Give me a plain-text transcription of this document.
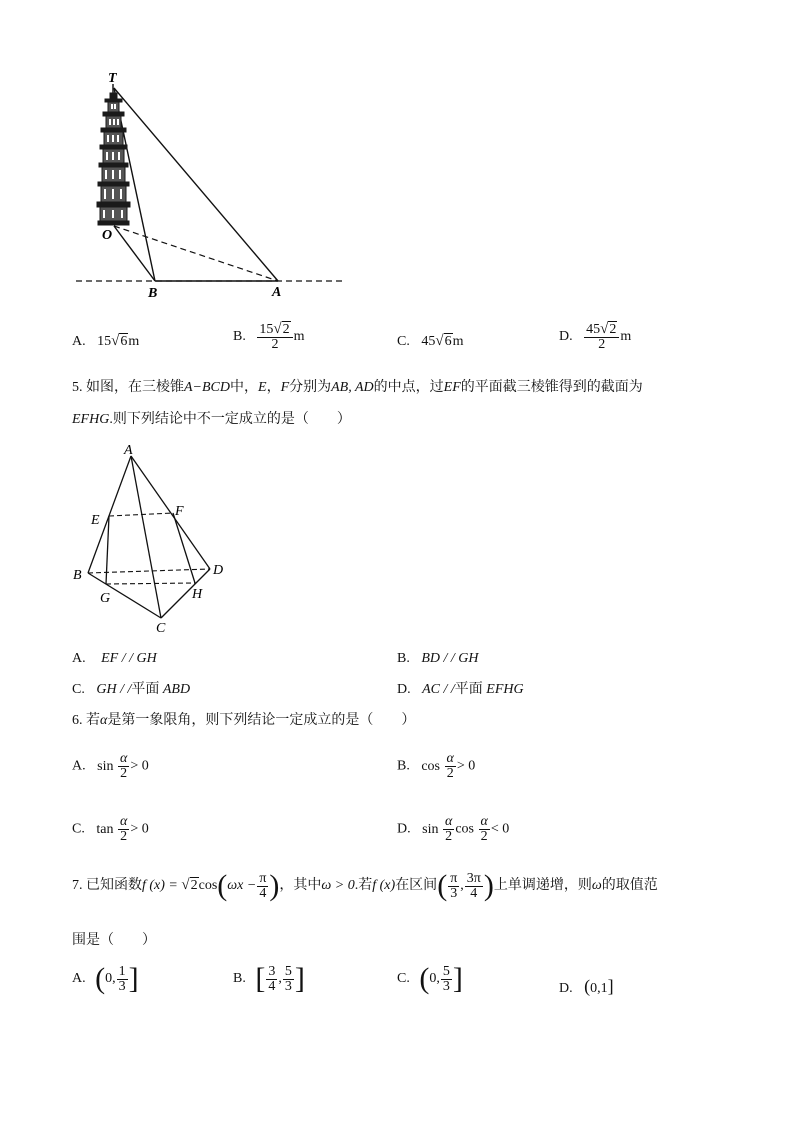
T
O
B	A
A. 15√6m	B. $\frac{15√2}{2}$ m	C. 45√6m	D. $\frac{45√2}{2}$ m
5. 如图，在三棱锥A−BCD中，E，F分别为AB, AD的中点，过EF的平面截三棱锥得到的截面为
EFHG.则下列结论中不一定成立的是（　　）
A
E
F
B	D
G	H
C
A. EF / / GH	B. BD / / GH
C. GH / /平面 ABD	D. AC / /平面 EFHG
6. 若α是第一象限角，则下列结论一定成立的是（　　）
A. $\sin \frac{\alpha}{2} > 0$	B. $\cos \frac{\alpha}{2} > 0$
C. $\tan \frac{\alpha}{2} > 0$	D. $\sin \frac{\alpha}{2}$ $\cos \frac{\alpha}{2} < 0$
7. 已知函数f $(x) = √2\cos(\omega x - \frac{\pi}{4}$ )，其中ω > 0.若f (x)在区间( $\frac{\pi}{3}$ , $\frac{3\pi}{4}$ )上单调递增，则ω的取值范
围是（　　）
A. (0, $\frac{1}{3}$ ]	B. [ $\frac{3}{4}$ , $\frac{5}{3}$ ]	C. (0, $\frac{5}{3}$ ]	D. (0,1]
